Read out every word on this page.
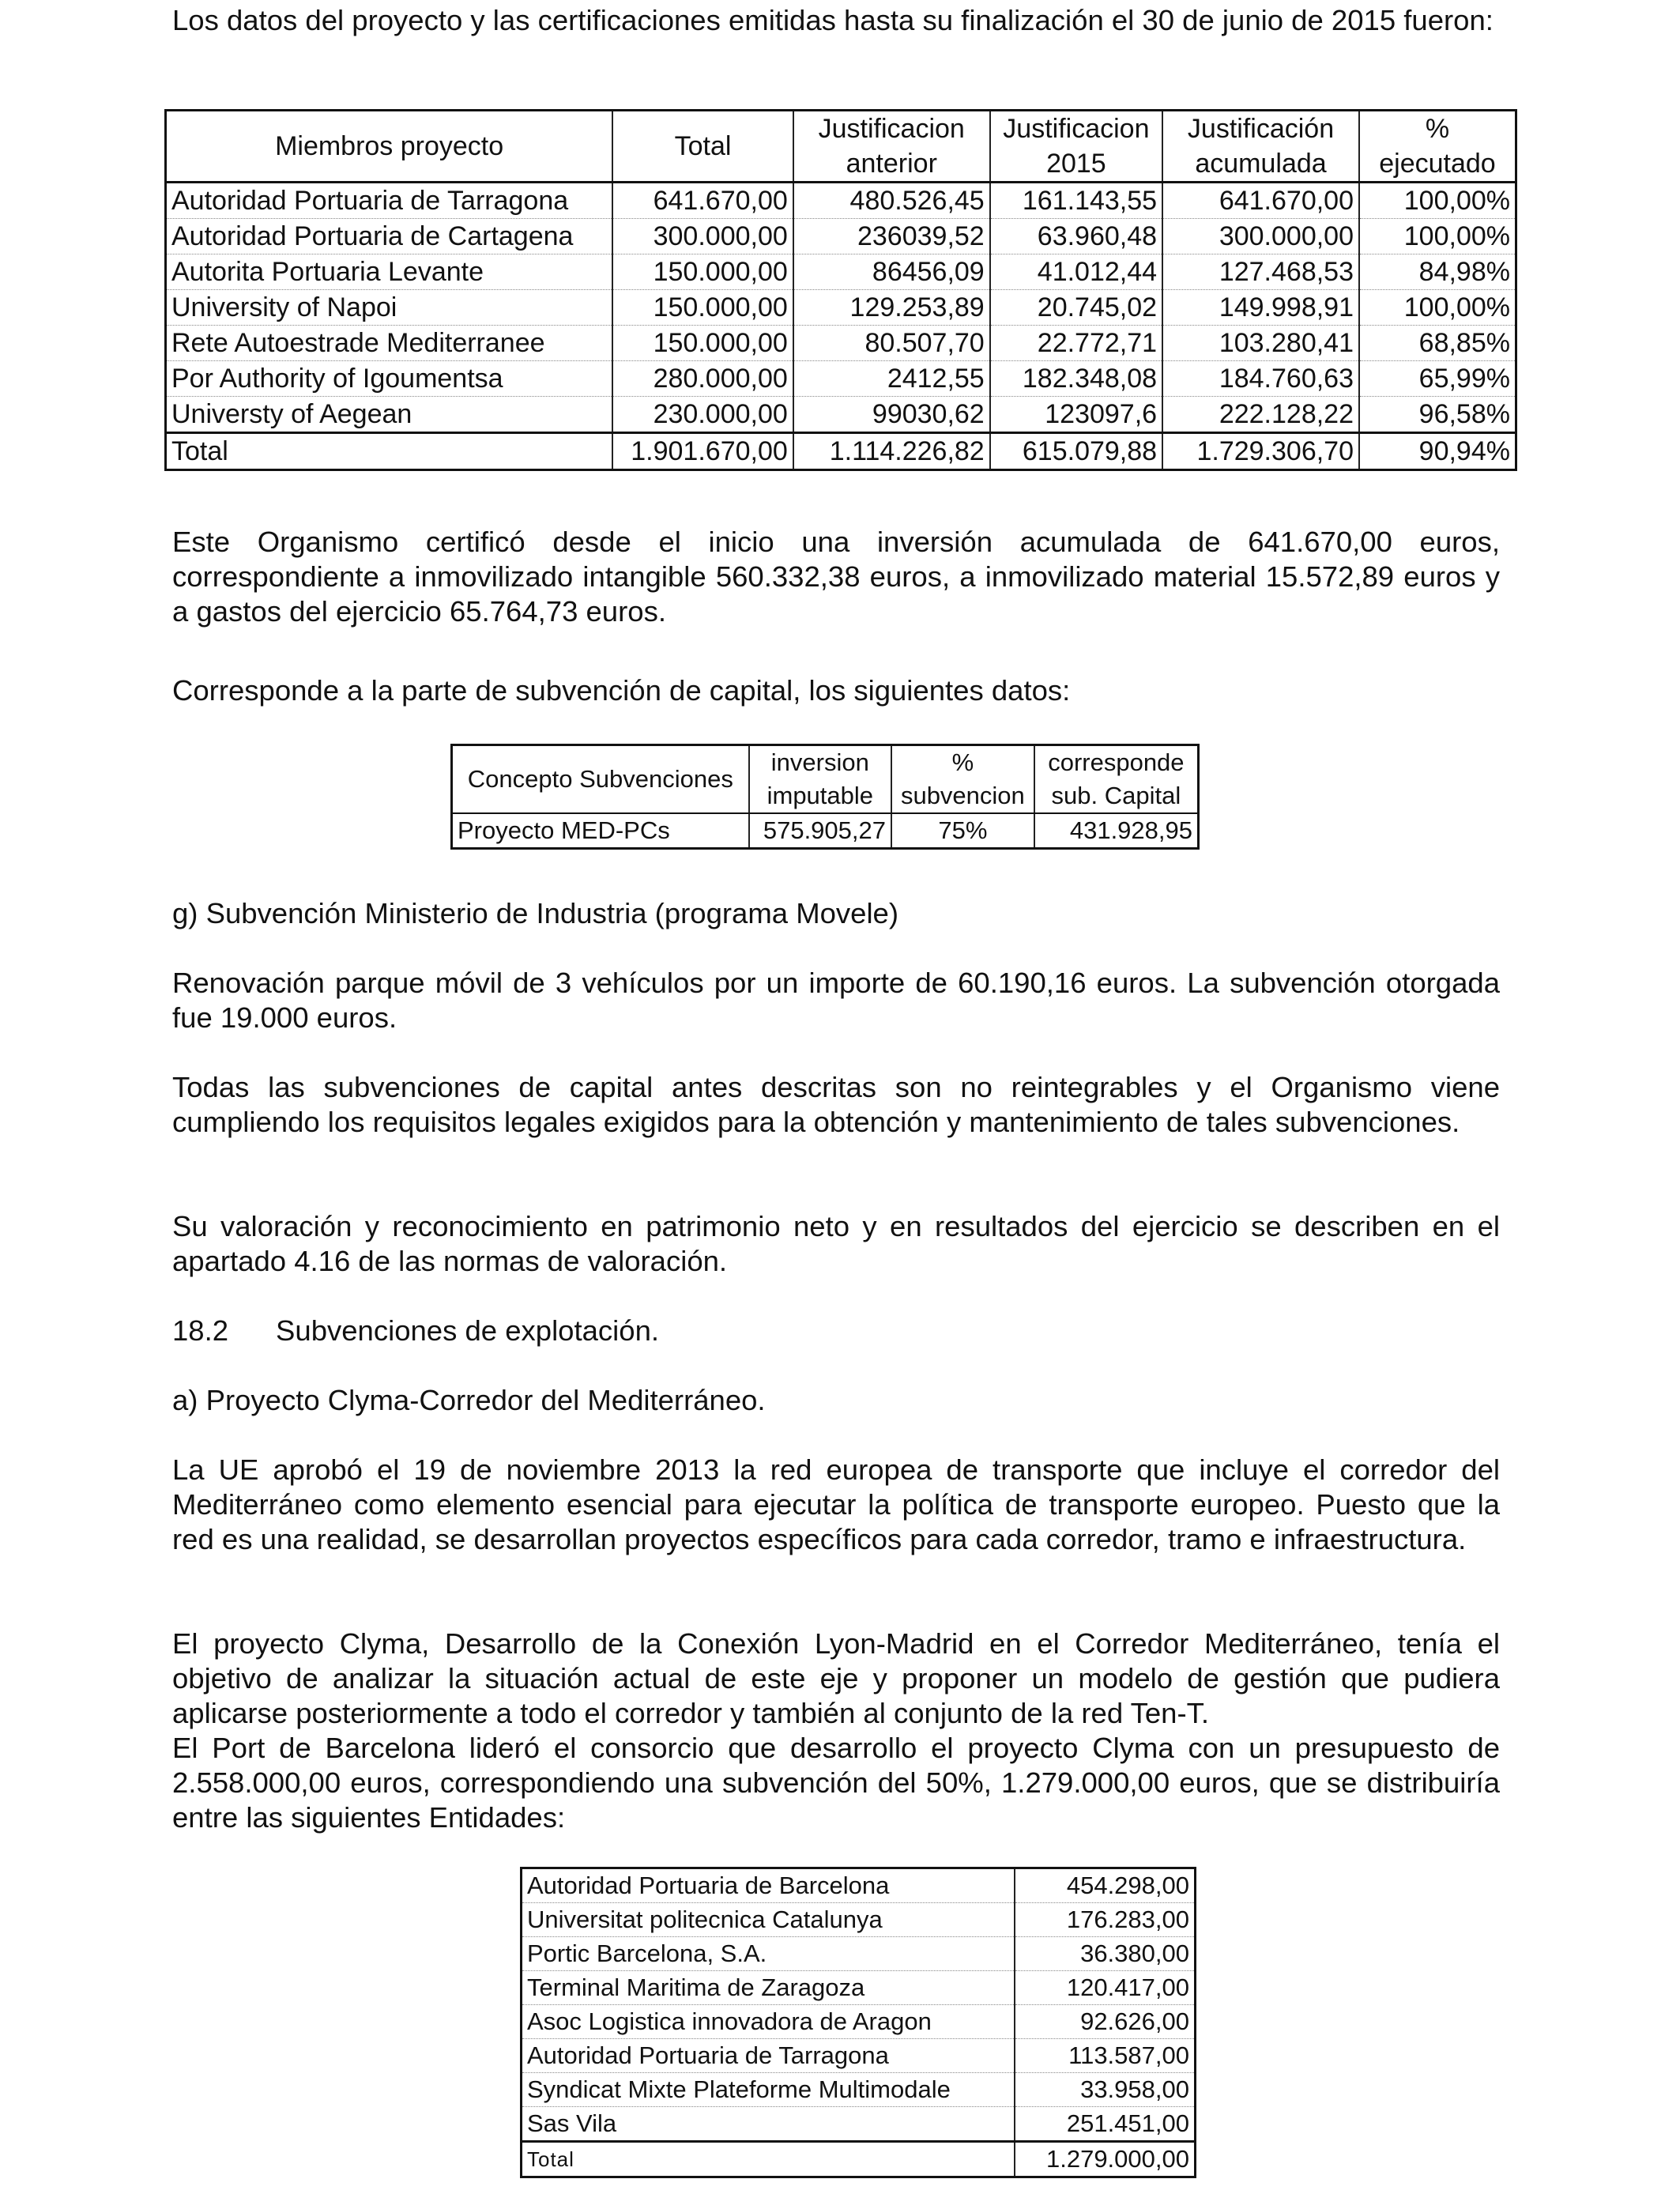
Los datos del proyecto y las certificaciones emitidas hasta su finalización el 30 de junio de 2015 fueron:

Miembros proyecto	Total	Justificacion	Justificacion	Justificación	%
		anterior	2015	acumulada	ejecutado
Autoridad Portuaria de Tarragona	641.670,00	480.526,45	161.143,55	641.670,00	100,00%
Autoridad Portuaria de Cartagena	300.000,00	236039,52	63.960,48	300.000,00	100,00%
Autorita Portuaria Levante	150.000,00	86456,09	41.012,44	127.468,53	84,98%
University of Napoi	150.000,00	129.253,89	20.745,02	149.998,91	100,00%
Rete Autoestrade Mediterranee	150.000,00	80.507,70	22.772,71	103.280,41	68,85%
Por Authority of Igoumentsa	280.000,00	2412,55	182.348,08	184.760,63	65,99%
Universty of Aegean	230.000,00	99030,62	123097,6	222.128,22	96,58%
Total	1.901.670,00	1.114.226,82	615.079,88	1.729.306,70	90,94%

Este Organismo certificó desde el inicio una inversión acumulada de 641.670,00 euros, correspondiente a inmovilizado intangible 560.332,38 euros, a inmovilizado material 15.572,89 euros y a gastos del ejercicio 65.764,73 euros.

Corresponde a la parte de subvención de capital, los siguientes datos:

Concepto Subvenciones	inversion	%	corresponde
	imputable	subvencion	sub. Capital
Proyecto MED-PCs	575.905,27	75%	431.928,95

g) Subvención Ministerio de Industria (programa Movele)

Renovación parque móvil de 3 vehículos por un importe de 60.190,16 euros. La subvención otorgada fue 19.000 euros.

Todas las subvenciones de capital antes descritas son no reintegrables y el Organismo viene cumpliendo los requisitos legales exigidos para la obtención y mantenimiento de tales subvenciones.

Su valoración y reconocimiento en patrimonio neto y en resultados del ejercicio se describen en el apartado 4.16 de las normas de valoración.

18.2 Subvenciones de explotación.

a) Proyecto Clyma-Corredor del Mediterráneo.

La UE aprobó el 19 de noviembre 2013 la red europea de transporte que incluye el corredor del Mediterráneo como elemento esencial para ejecutar la política de transporte europeo. Puesto que la red es una realidad, se desarrollan proyectos específicos para cada corredor, tramo e infraestructura.

El proyecto Clyma, Desarrollo de la Conexión Lyon-Madrid en el Corredor Mediterráneo, tenía el objetivo de analizar la situación actual de este eje y proponer un modelo de gestión que pudiera aplicarse posteriormente a todo el corredor y también al conjunto de la red Ten-T.

El Port de Barcelona lideró el consorcio que desarrollo el proyecto Clyma con un presupuesto de 2.558.000,00 euros, correspondiendo una subvención del 50%, 1.279.000,00 euros, que se distribuiría entre las siguientes Entidades:

Autoridad Portuaria de Barcelona	454.298,00
Universitat politecnica Catalunya	176.283,00
Portic Barcelona, S.A.	36.380,00
Terminal Maritima de Zaragoza	120.417,00
Asoc Logistica innovadora de Aragon	92.626,00
Autoridad Portuaria de Tarragona	113.587,00
Syndicat Mixte Plateforme Multimodale	33.958,00
Sas Vila	251.451,00
Total	1.279.000,00
